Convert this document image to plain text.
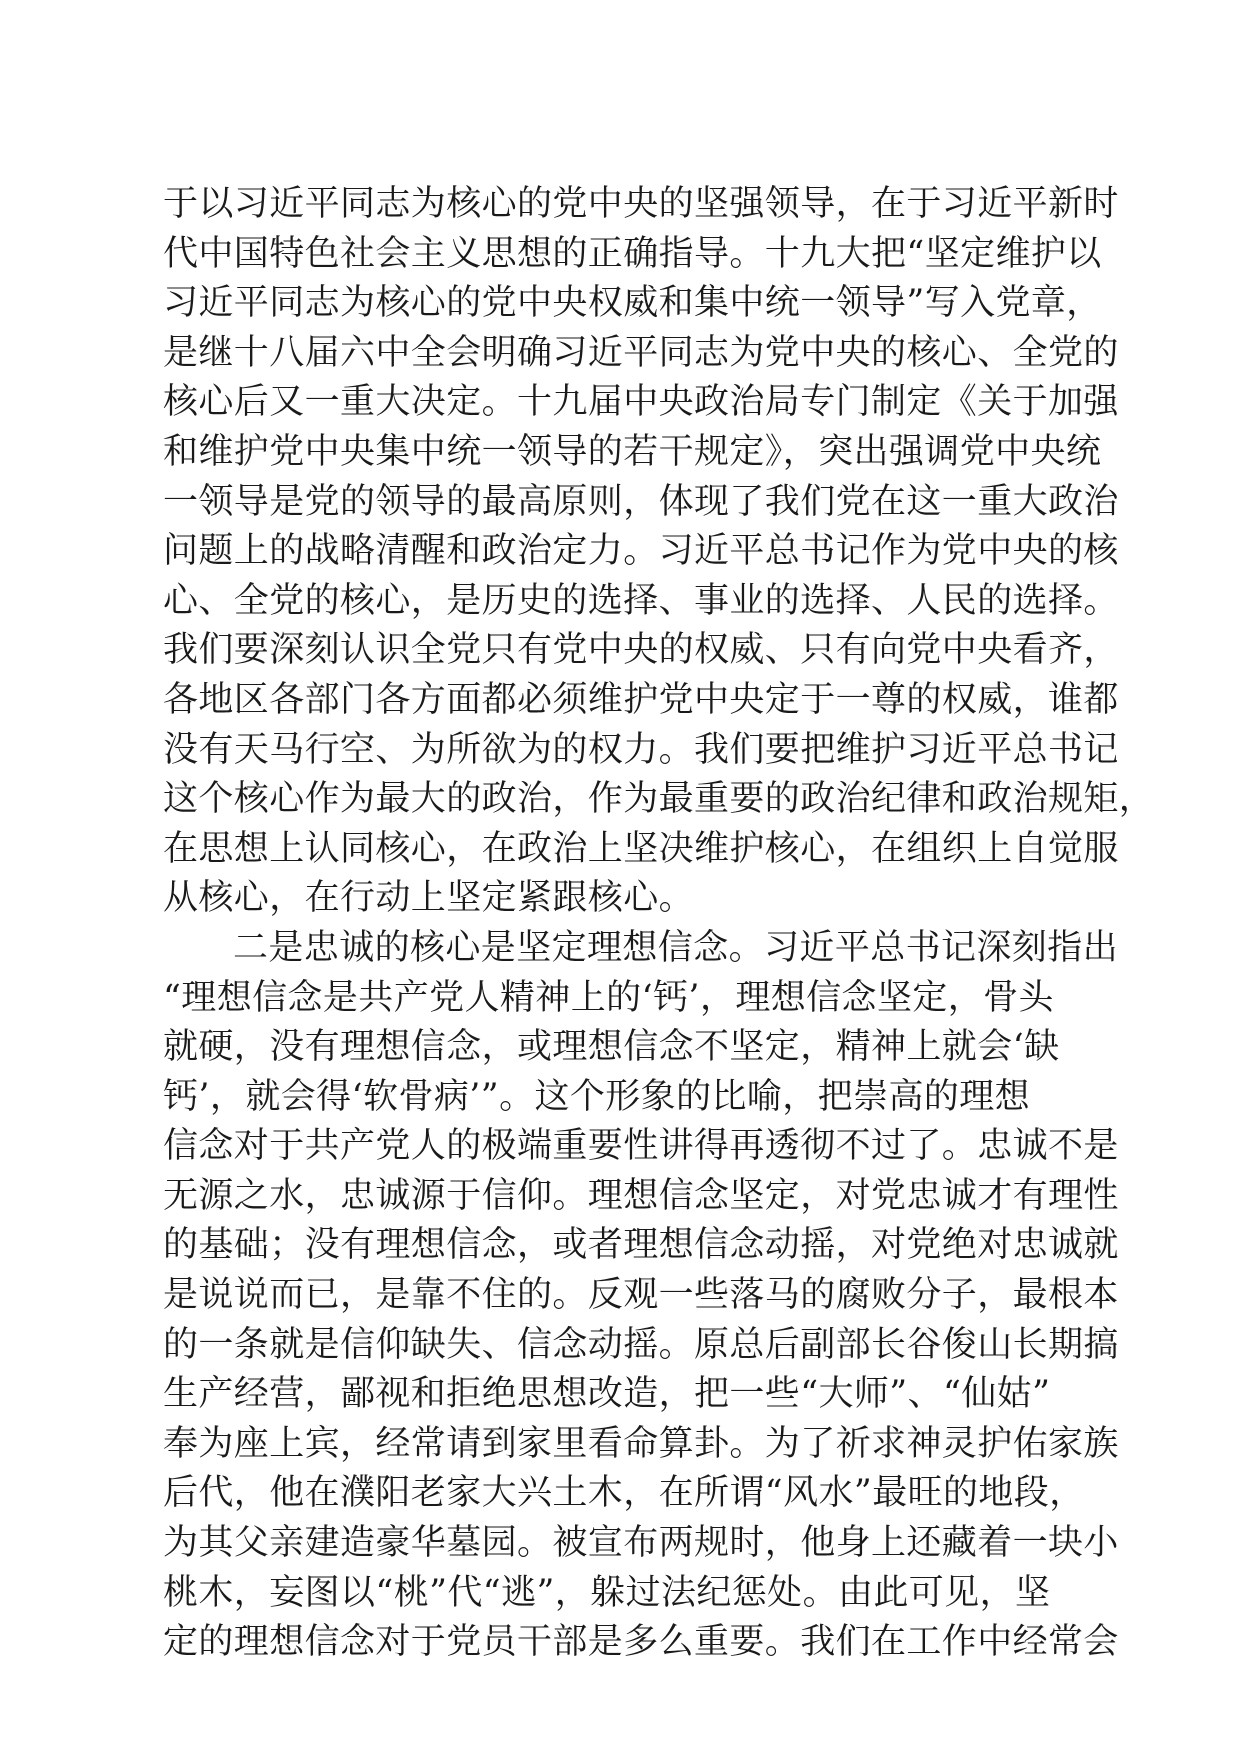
于以习近平同志为核心的党中央的坚强领导，在于习近平新时
代中国特色社会主义思想的正确指导。十九大把“坚定维护以
习近平同志为核心的党中央权威和集中统一领导”写入党章，
是继十八届六中全会明确习近平同志为党中央的核心、全党的
核心后又一重大决定。十九届中央政治局专门制定《关于加强
和维护党中央集中统一领导的若干规定》，突出强调党中央统
一领导是党的领导的最高原则，体现了我们党在这一重大政治
问题上的战略清醒和政治定力。习近平总书记作为党中央的核
心、全党的核心，是历史的选择、事业的选择、人民的选择。
我们要深刻认识全党只有党中央的权威、只有向党中央看齐，
各地区各部门各方面都必须维护党中央定于一尊的权威，谁都
没有天马行空、为所欲为的权力。我们要把维护习近平总书记
这个核心作为最大的政治，作为最重要的政治纪律和政治规矩，
在思想上认同核心，在政治上坚决维护核心，在组织上自觉服
从核心，在行动上坚定紧跟核心。
二是忠诚的核心是坚定理想信念。习近平总书记深刻指出
“理想信念是共产党人精神上的‘钙’，理想信念坚定，骨头
就硬，没有理想信念，或理想信念不坚定，精神上就会‘缺
钙’，就会得‘软骨病’”。这个形象的比喻，把崇高的理想
信念对于共产党人的极端重要性讲得再透彻不过了。忠诚不是
无源之水，忠诚源于信仰。理想信念坚定，对党忠诚才有理性
的基础；没有理想信念，或者理想信念动摇，对党绝对忠诚就
是说说而已，是靠不住的。反观一些落马的腐败分子，最根本
的一条就是信仰缺失、信念动摇。原总后副部长谷俊山长期搞
生产经营，鄙视和拒绝思想改造，把一些“大师”、“仙姑”
奉为座上宾，经常请到家里看命算卦。为了祈求神灵护佑家族
后代，他在濮阳老家大兴土木，在所谓“风水”最旺的地段，
为其父亲建造豪华墓园。被宣布两规时，他身上还藏着一块小
桃木，妄图以“桃”代“逃”，躲过法纪惩处。由此可见，坚
定的理想信念对于党员干部是多么重要。我们在工作中经常会
